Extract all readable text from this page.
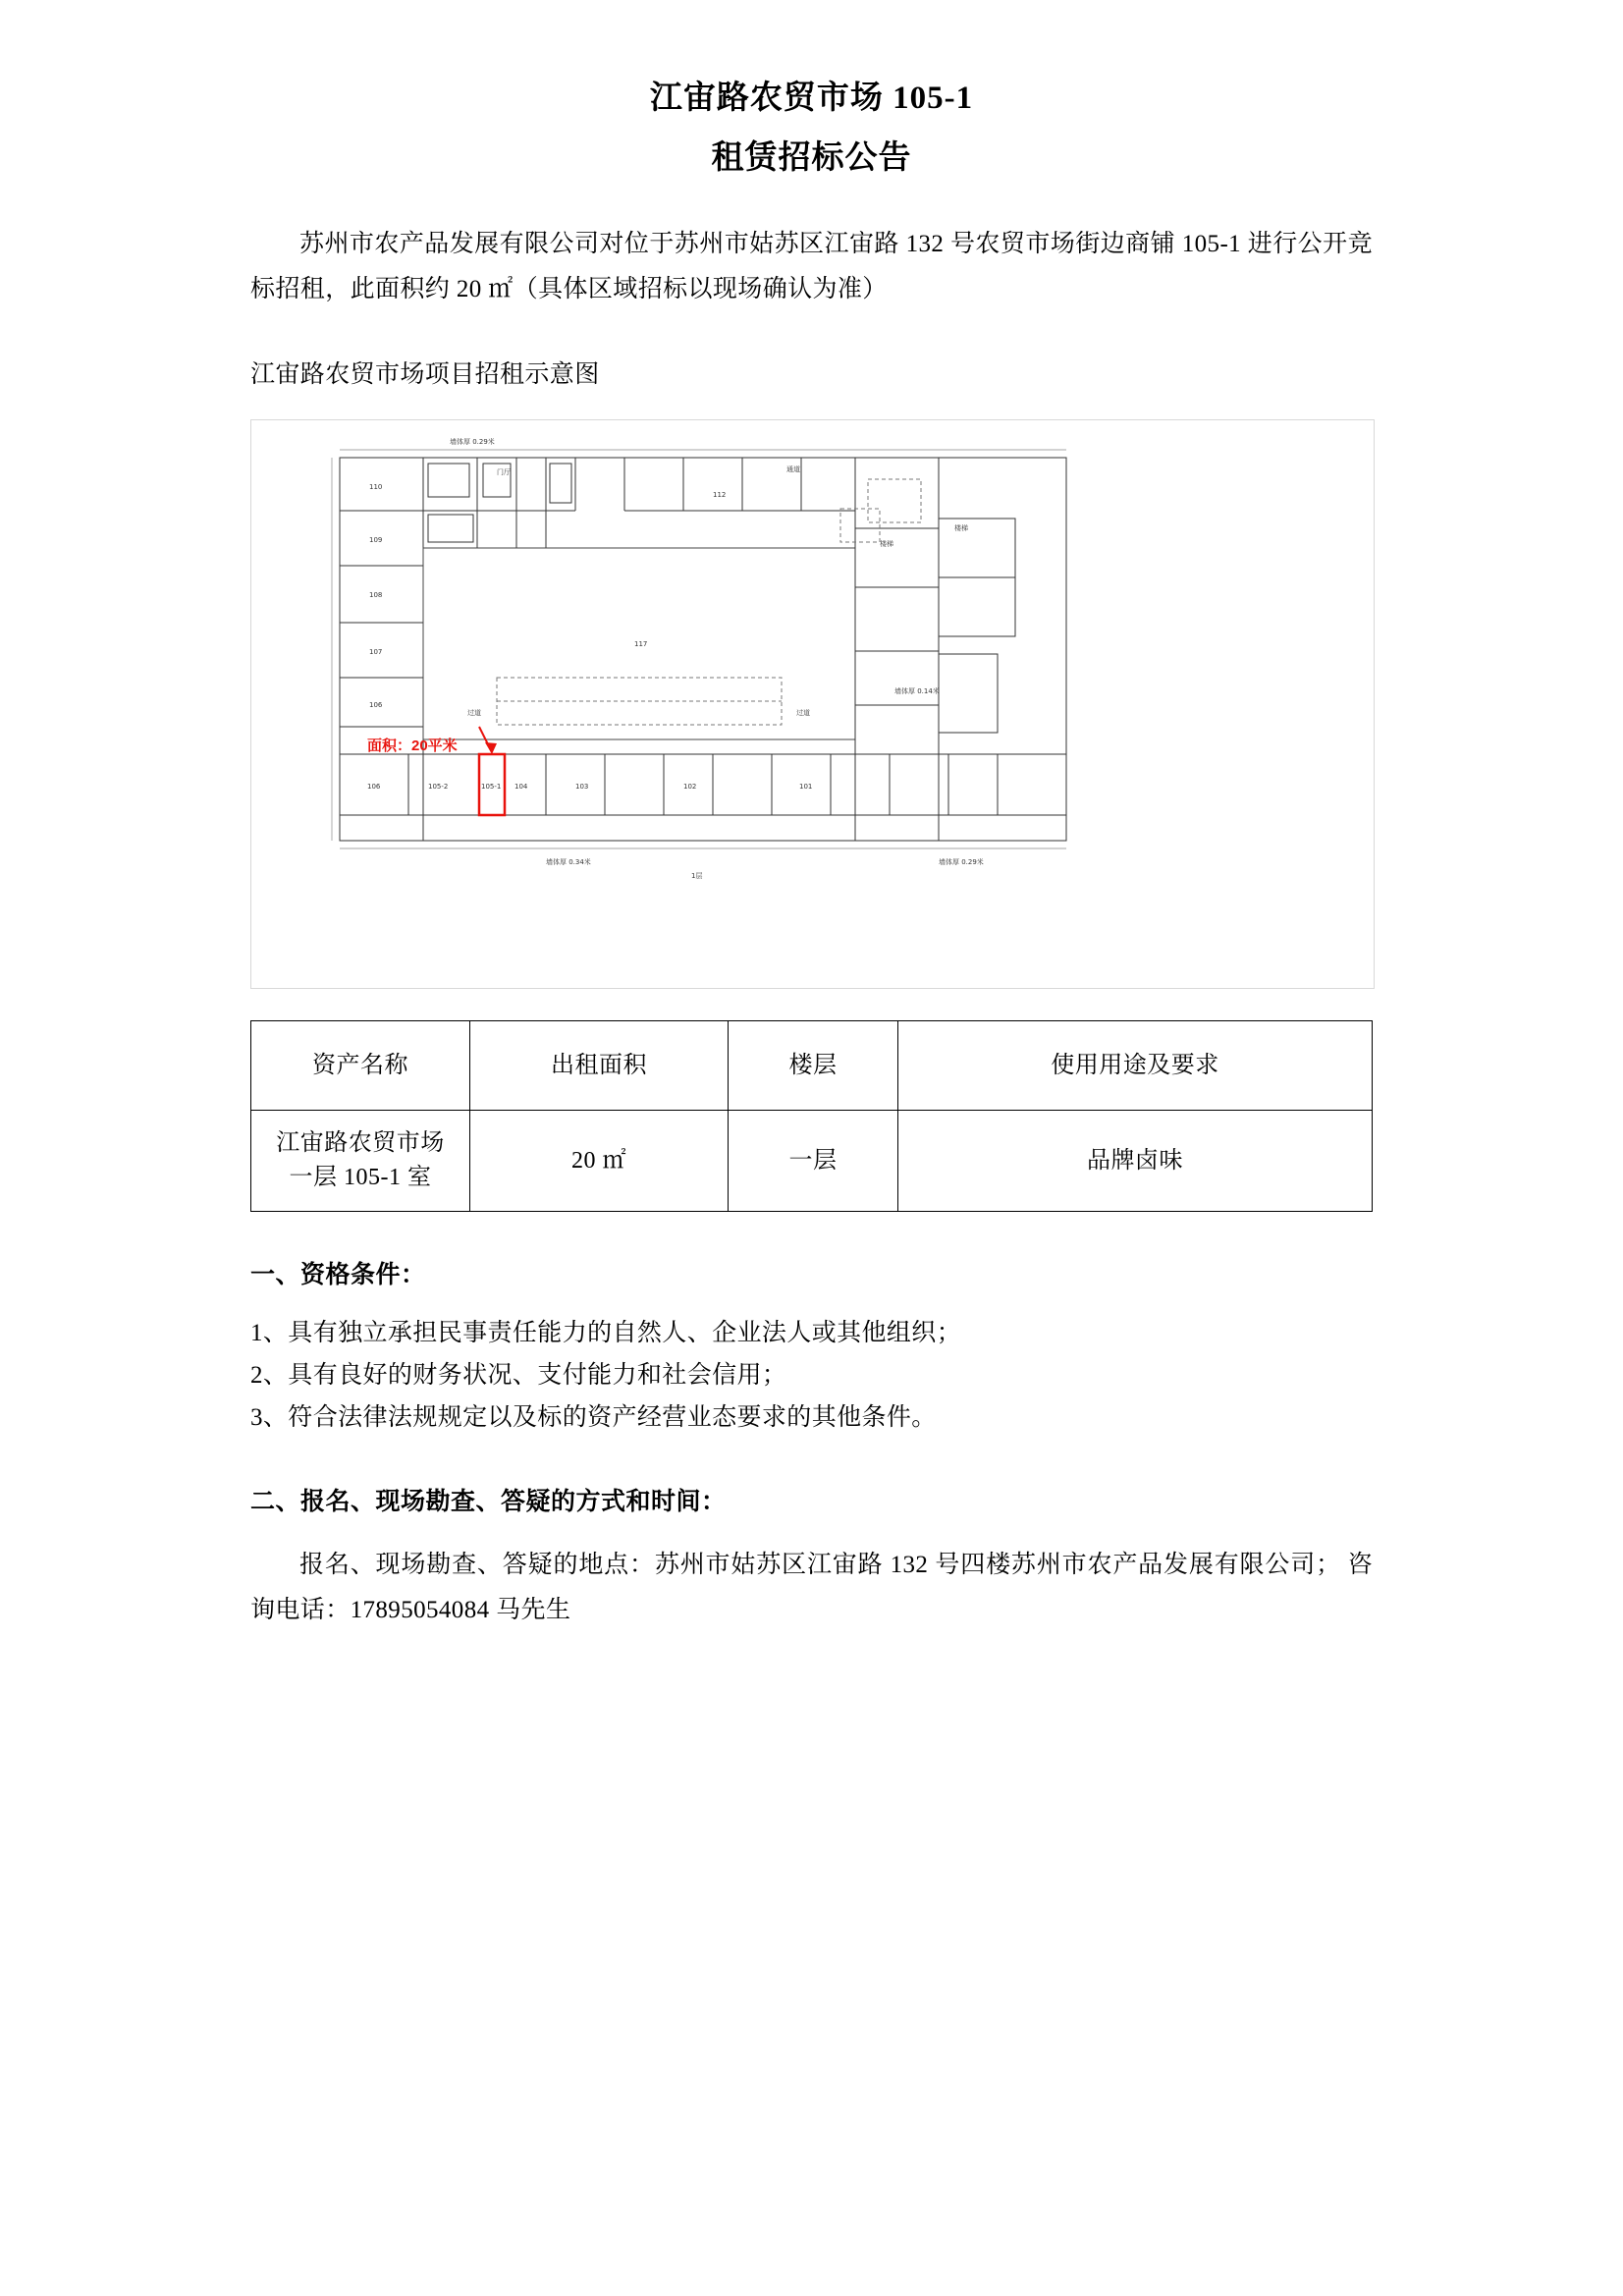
江宙路农贸市场 105-1
租赁招标公告
苏州市农产品发展有限公司对位于苏州市姑苏区江宙路 132 号农贸市场街边商铺 105-1 进行公开竞标招租，此面积约 20 ㎡（具体区域招标以现场确认为准）
江宙路农贸市场项目招租示意图
110
109
108
107
106
106	105-2	105-1 104	103	102	101
112
117
门厅	通道
过道	过道
楼梯
楼梯
墙体厚 0.29米
墙体厚 0.14米
墙体厚 0.34米	墙体厚 0.29米
1层
面积：20平米
资产名称	出租面积	楼层	使用用途及要求

江宙路农贸市场
一层 105-1 室	20 ㎡	一层	品牌卤味
一、资格条件：
1、具有独立承担民事责任能力的自然人、企业法人或其他组织；
2、具有良好的财务状况、支付能力和社会信用；
3、符合法律法规规定以及标的资产经营业态要求的其他条件。
二、报名、现场勘查、答疑的方式和时间：
报名、现场勘查、答疑的地点：苏州市姑苏区江宙路 132 号四楼苏州市农产品发展有限公司； 咨询电话：17895054084 马先生
